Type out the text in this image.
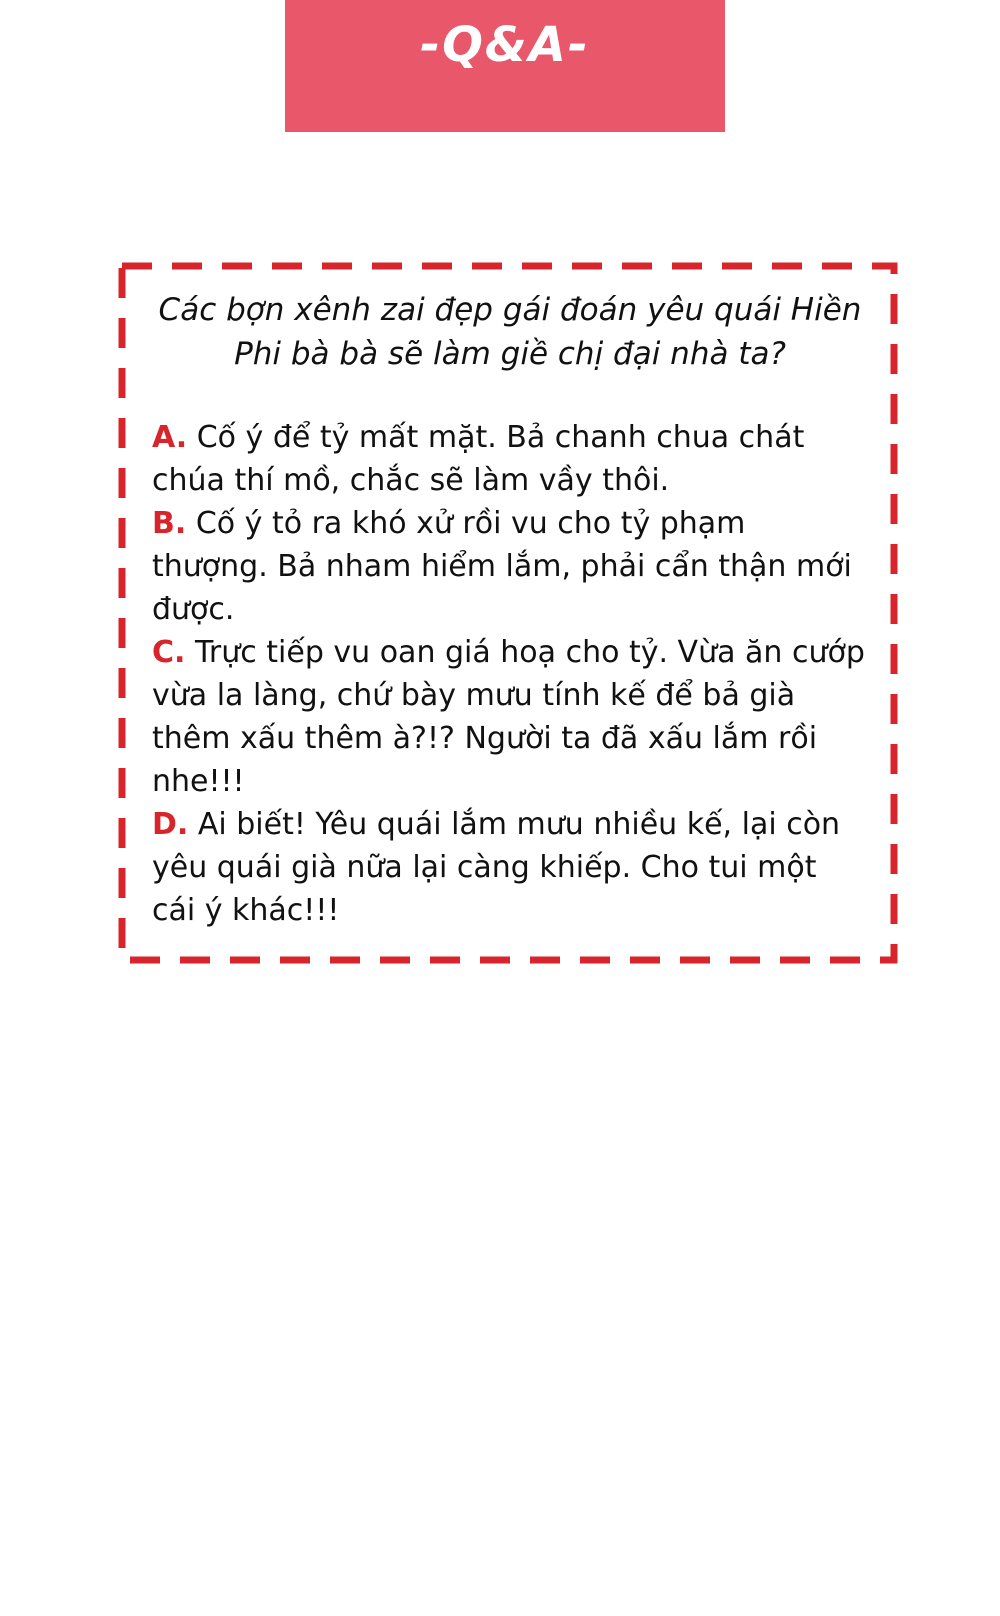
-Q&A-

Các bợn xênh zai đẹp gái đoán yêu quái Hiền Phi bà bà sẽ làm giề chị đại nhà ta?

A. Cố ý để tỷ mất mặt. Bả chanh chua chát chúa thí mồ, chắc sẽ làm vầy thôi.

B. Cố ý tỏ ra khó xử rồi vu cho tỷ phạm thượng. Bả nham hiểm lắm, phải cẩn thận mới được.

C. Trực tiếp vu oan giá hoạ cho tỷ. Vừa ăn cướp vừa la làng, chứ bày mưu tính kế để bả già thêm xấu thêm à?!? Người ta đã xấu lắm rồi nhe!!!

D. Ai biết! Yêu quái lắm mưu nhiều kế, lại còn yêu quái già nữa lại càng khiếp. Cho tui một cái ý khác!!!
